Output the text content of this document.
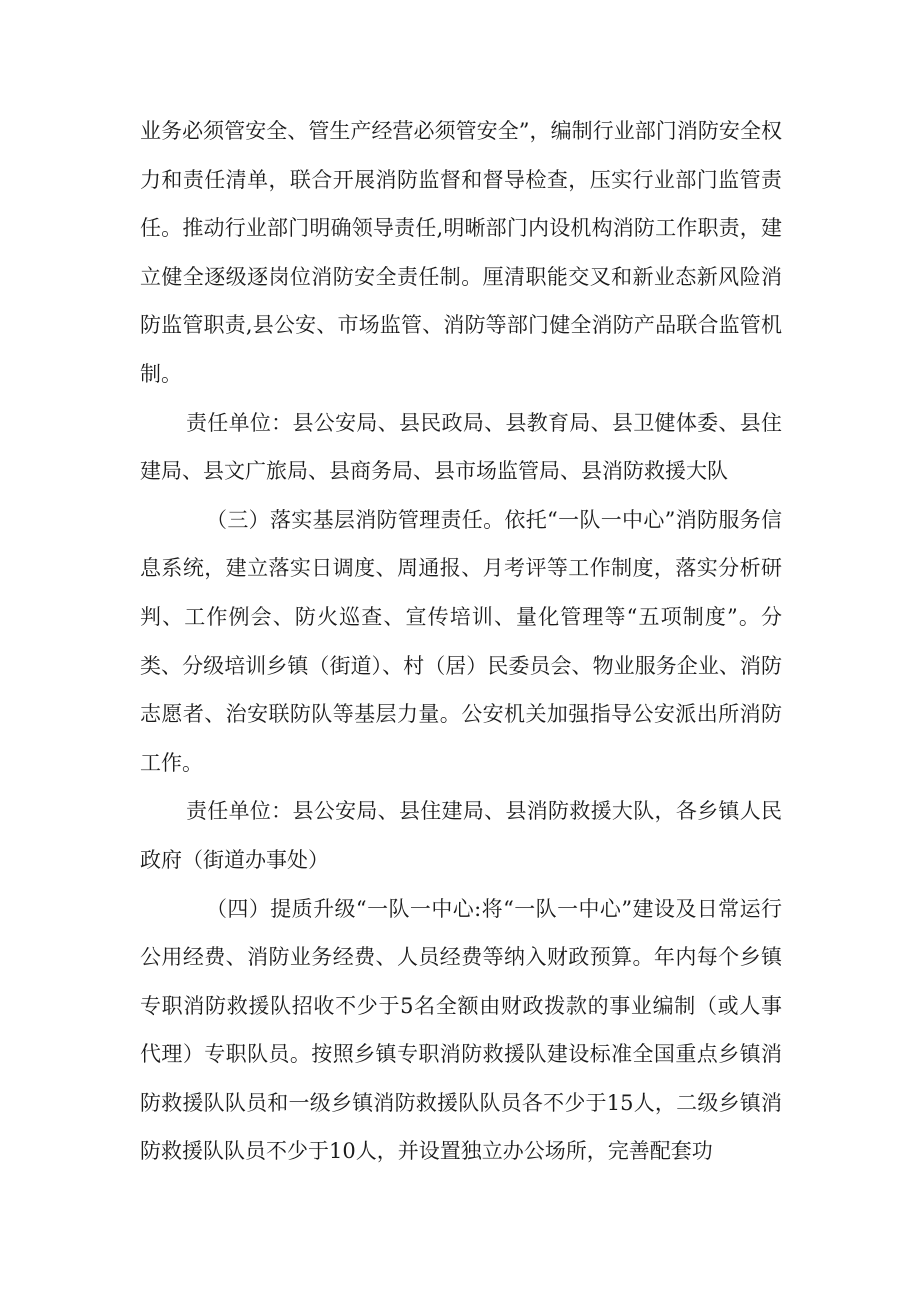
业务必须管安全、管生产经营必须管安全”，编制行业部门消防安全权力和责任清单，联合开展消防监督和督导检查，压实行业部门监管责任。推动行业部门明确领导责任,明晰部门内设机构消防工作职责，建立健全逐级逐岗位消防安全责任制。厘清职能交叉和新业态新风险消防监管职责,县公安、市场监管、消防等部门健全消防产品联合监管机制。

责任单位：县公安局、县民政局、县教育局、县卫健体委、县住建局、县文广旅局、县商务局、县市场监管局、县消防救援大队

（三）落实基层消防管理责任。依托“一队一中心”消防服务信息系统，建立落实日调度、周通报、月考评等工作制度，落实分析研判、工作例会、防火巡查、宣传培训、量化管理等“五项制度”。分类、分级培训乡镇（街道）、村（居）民委员会、物业服务企业、消防志愿者、治安联防队等基层力量。公安机关加强指导公安派出所消防工作。

责任单位：县公安局、县住建局、县消防救援大队，各乡镇人民政府（街道办事处）

（四）提质升级“一队一中心:将“一队一中心”建设及日常运行公用经费、消防业务经费、人员经费等纳入财政预算。年内每个乡镇专职消防救援队招收不少于5名全额由财政拨款的事业编制（或人事代理）专职队员。按照乡镇专职消防救援队建设标准全国重点乡镇消防救援队队员和一级乡镇消防救援队队员各不少于15人，二级乡镇消防救援队队员不少于10人，并设置独立办公场所，完善配套功
